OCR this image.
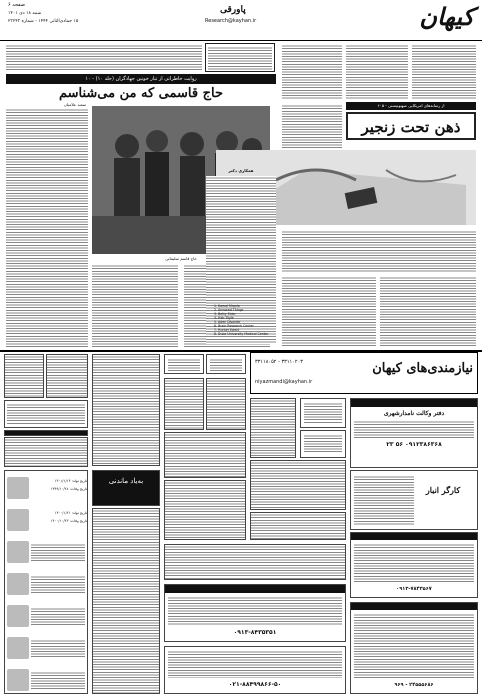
صفحه ۶
شنبه ۱۸ دی ۱۴۰۱
۱۵ جمادی‌الثانی ۱۴۴۴ - شماره ۲۳۲۴۳
پاورقی
Research@kayhan.ir	کیهان
روایت خاطراتی از تبار خونین جهادگران (جلد ۱۰) - ۱۰
حاج قاسمی که من می‌شناسم
سعید علامیان
حاج قاسم سلیمانی
از رسانه‌های امریکایی صهیونیستی - ۶۰۵
ذهن تحت زنجیر
همکاری دکتر
1. Kamal Mravla
2. Armored Things
3. Betty Elder
4. Hair Style
5. Aden Disorder
6. Brain Research Center
7. Hunter Ewart
8. Duke University Medical Center
تاریخ تولد: ۱۳۰۱/۱/۱۴
تاریخ وفات: ۱۳۹۹/۱۰/۲۸
تاریخ تولد: ۱۳۰۰/۱/۲۱
تاریخ وفات: ۱۴۰۰/۱۰/۲۳
به‌یاد ماندنی
نیازمندی‌های کیهان
۳۳۱۱۰۲۰۳ - ۳۳۱۱۸۰۵۲
niyazmandi@kayhan.ir
دفتر وکالت نامدارشهری
۰۹۱۲۳۸۶۳۶۸ ۵۶ ۲۳
کارگر انبار
۰۹۱۳-۷۸۴۳۵۶۷
۰۹۱۳-۸۴۳۵۳۵۱
۰۲۱-۸۸۴۹۹۸۶۶-۵۰	۲۴۵۵۵۶۸۶ - ۹۶۹
